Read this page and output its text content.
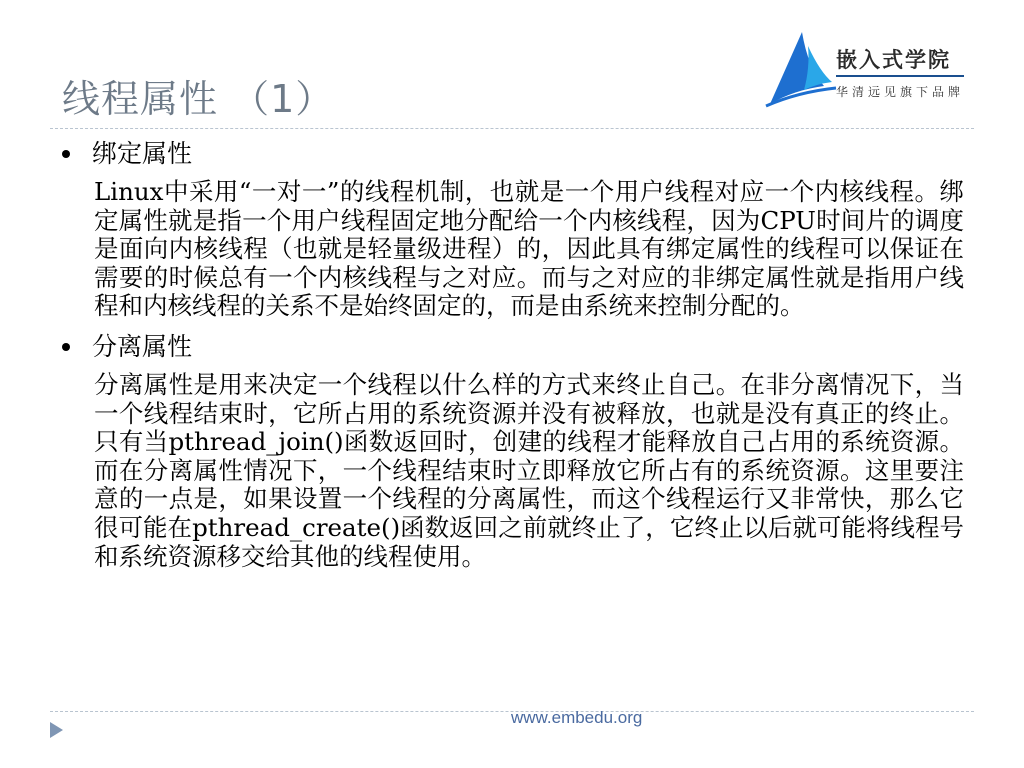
线程属性 （1）
嵌入式学院
华清远见旗下品牌
绑定属性
Linux中采用“一对一”的线程机制，也就是一个用户线程对应一个内核线程。绑定属性就是指一个用户线程固定地分配给一个内核线程，因为CPU时间片的调度是面向内核线程（也就是轻量级进程）的，因此具有绑定属性的线程可以保证在需要的时候总有一个内核线程与之对应。而与之对应的非绑定属性就是指用户线程和内核线程的关系不是始终固定的，而是由系统来控制分配的。
分离属性
分离属性是用来决定一个线程以什么样的方式来终止自己。在非分离情况下，当一个线程结束时，它所占用的系统资源并没有被释放，也就是没有真正的终止。只有当pthread_join()函数返回时，创建的线程才能释放自己占用的系统资源。而在分离属性情况下，一个线程结束时立即释放它所占有的系统资源。这里要注意的一点是，如果设置一个线程的分离属性，而这个线程运行又非常快，那么它很可能在pthread_create()函数返回之前就终止了，它终止以后就可能将线程号和系统资源移交给其他的线程使用。
www.embedu.org
